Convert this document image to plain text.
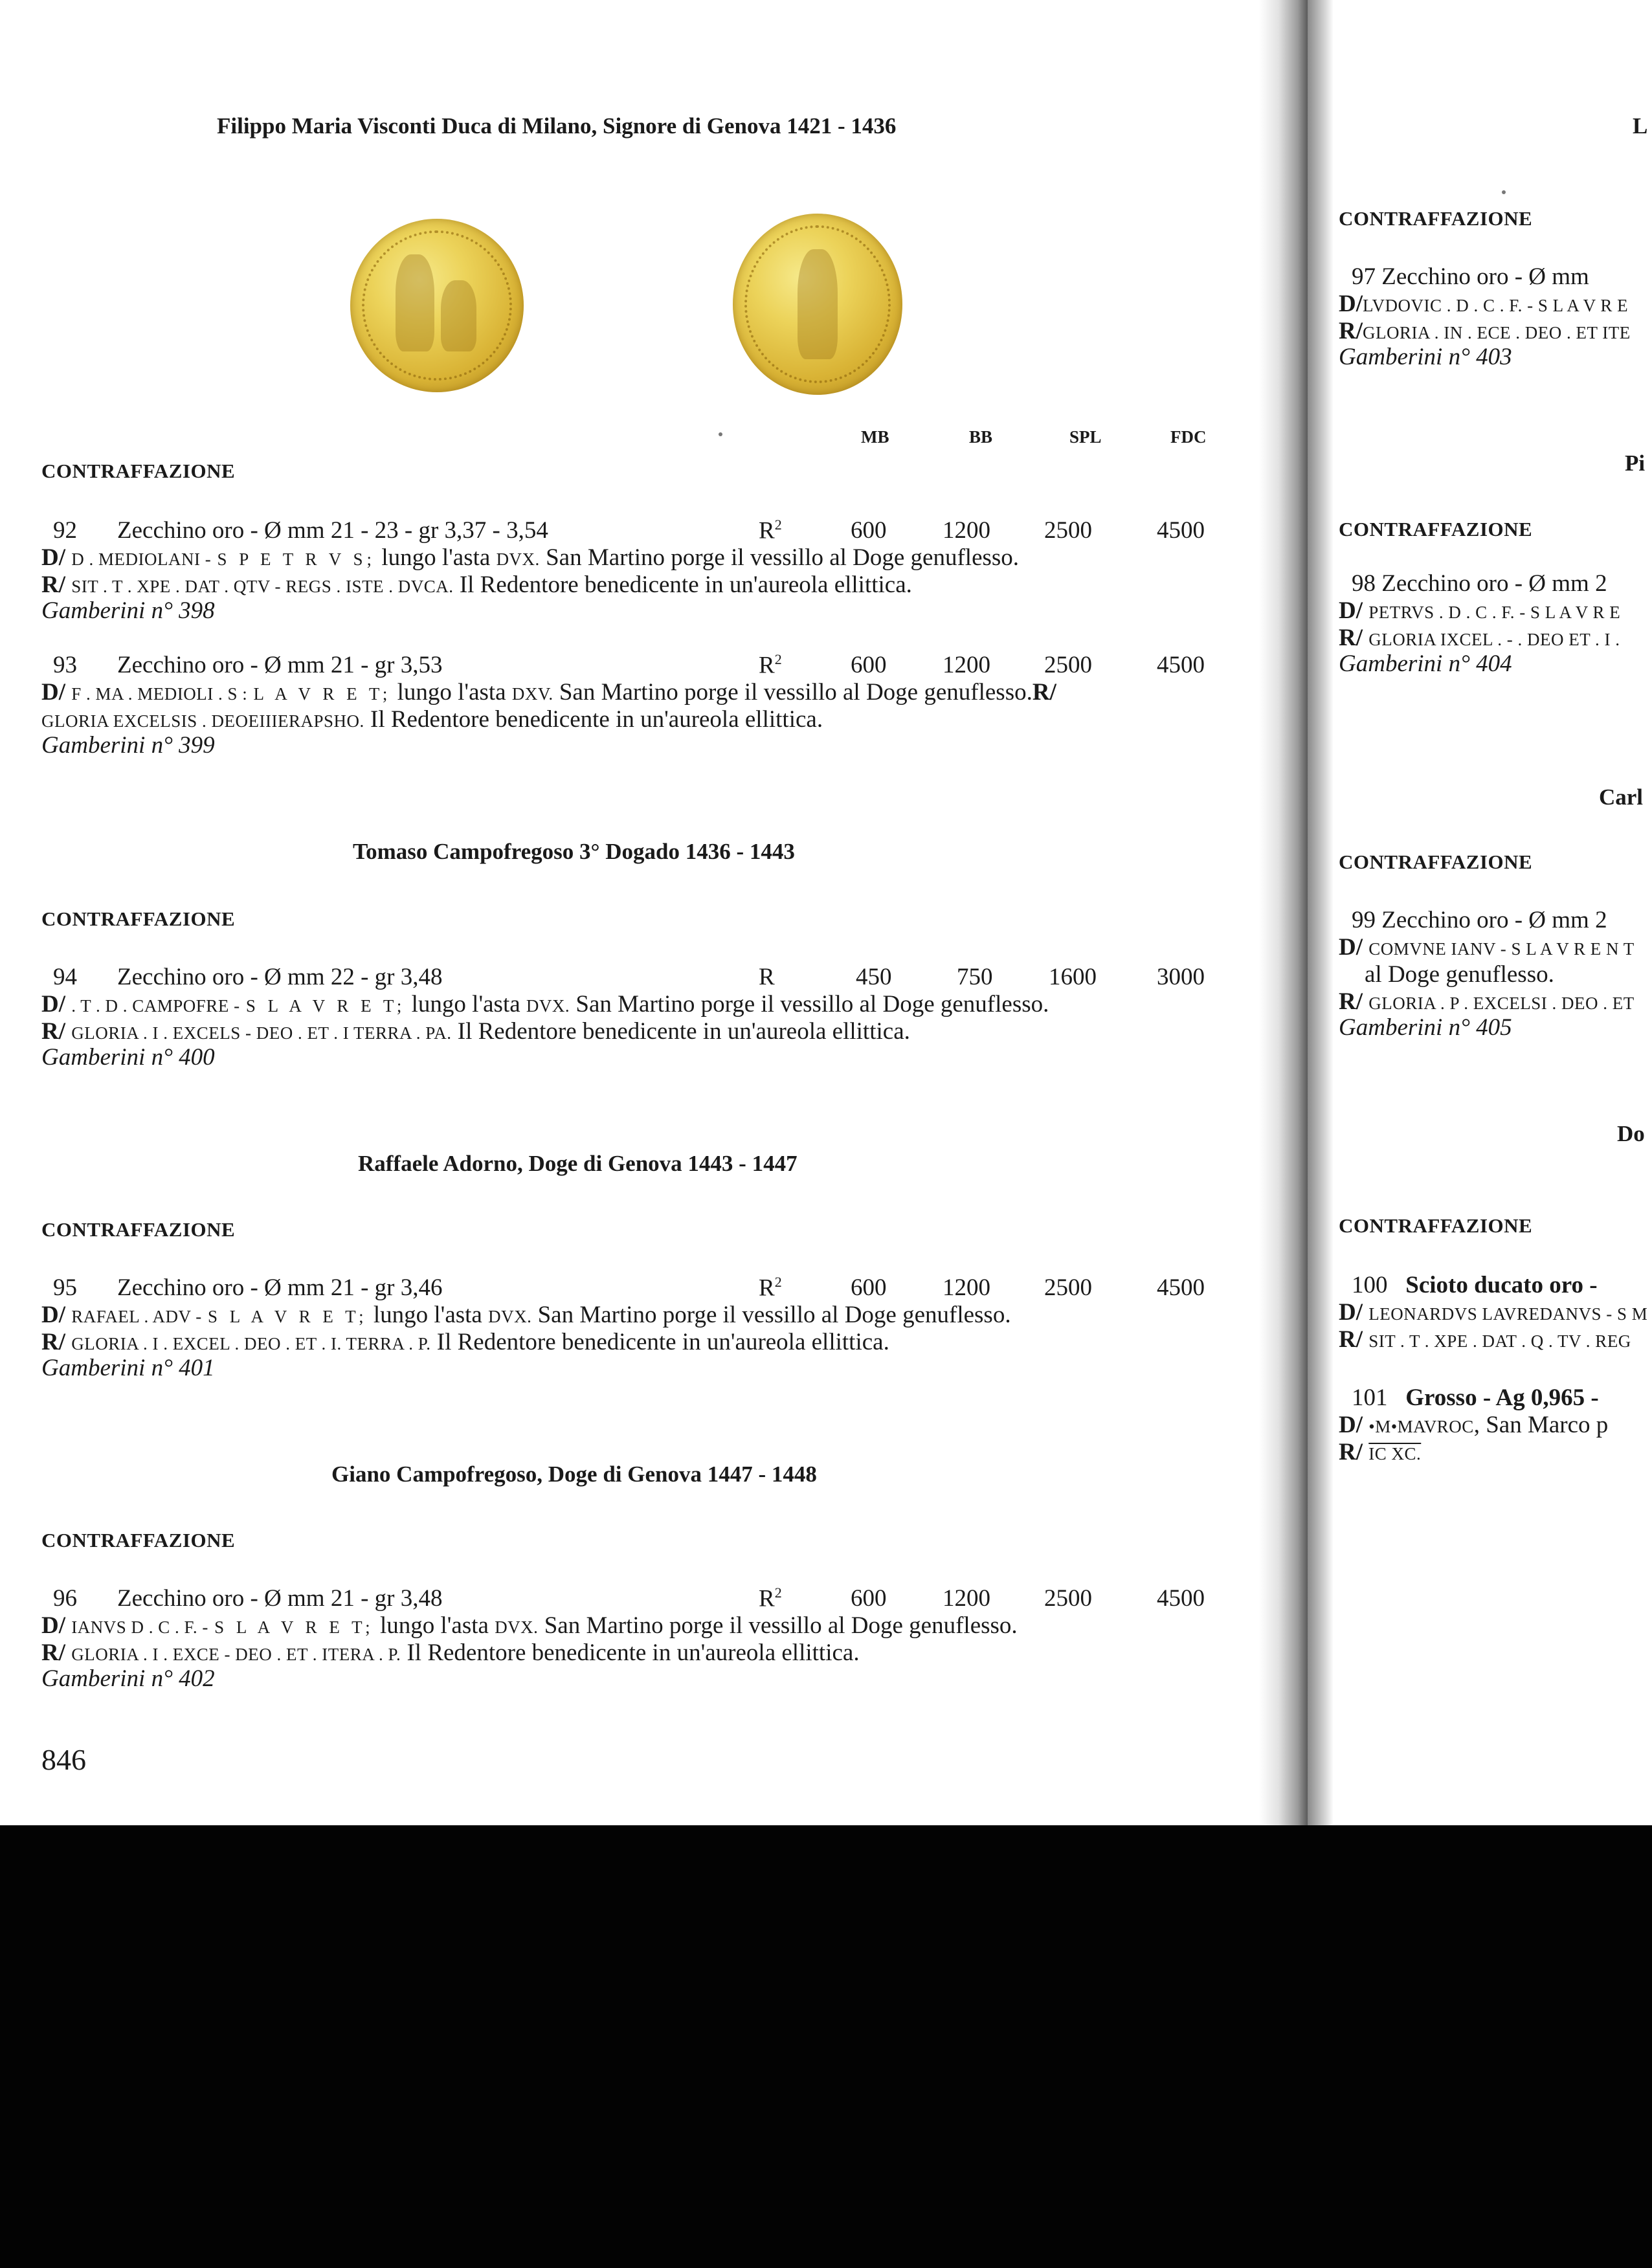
Filippo Maria Visconti Duca di Milano, Signore di Genova 1421 - 1436
MB	BB	SPL	FDC
CONTRAFFAZIONE
92 Zecchino oro - Ø mm 21 - 23 - gr 3,37 - 3,54	$R^2$	600 1200 2500	4500
D/ D . MEDIOLANI - S P E T R V S; lungo l'asta DVX. San Martino porge il vessillo al Doge genuflesso.
R/ SIT . T . XPE . DAT . QTV - REGS . ISTE . DVCA. Il Redentore benedicente in un'aureola ellittica.
Gamberini n° 398
93 Zecchino oro - Ø mm 21 - gr 3,53	$R^2$	600 1200 2500	4500
D/ F . MA . MEDIOLI . S : L A V R E T; lungo l'asta DXV. San Martino porge il vessillo al Doge genuflesso.R/
GLORIA EXCELSIS . DEOEIIIERAPSHO. Il Redentore benedicente in un'aureola ellittica.
Gamberini n° 399
Tomaso Campofregoso 3° Dogado 1436 - 1443
CONTRAFFAZIONE
94 Zecchino oro - Ø mm 22 - gr 3,48	R	450	750 1600	3000
D/ . T . D . CAMPOFRE - S L A V R E T; lungo l'asta DVX. San Martino porge il vessillo al Doge genuflesso.
R/ GLORIA . I . EXCELS - DEO . ET . I TERRA . PA. Il Redentore benedicente in un'aureola ellittica.
Gamberini n° 400
Raffaele Adorno, Doge di Genova 1443 - 1447
CONTRAFFAZIONE
95 Zecchino oro - Ø mm 21 - gr 3,46	$R^2$	600 1200 2500	4500
D/ RAFAEL . ADV - S L A V R E T; lungo l'asta DVX. San Martino porge il vessillo al Doge genuflesso.
R/ GLORIA . I . EXCEL . DEO . ET . I. TERRA . P. Il Redentore benedicente in un'aureola ellittica.
Gamberini n° 401
Giano Campofregoso, Doge di Genova 1447 - 1448
CONTRAFFAZIONE
96 Zecchino oro - Ø mm 21 - gr 3,48	$R^2$	600 1200 2500	4500
D/ IANVS D . C . F. - S L A V R E T; lungo l'asta DVX. San Martino porge il vessillo al Doge genuflesso.
R/ GLORIA . I . EXCE - DEO . ET . ITERA . P. Il Redentore benedicente in un'aureola ellittica.
Gamberini n° 402
846
L
CONTRAFFAZIONE
97 Zecchino oro - Ø mm
D/LVDOVIC . D . C . F. - S L A V R E
R/GLORIA . IN . ECE . DEO . ET ITE
Gamberini n° 403
Pi
CONTRAFFAZIONE
98 Zecchino oro - Ø mm 2
D/ PETRVS . D . C . F. - S L A V R E
R/ GLORIA IXCEL . - . DEO ET . I .
Gamberini n° 404
Carl
CONTRAFFAZIONE
99 Zecchino oro - Ø mm 2
D/ COMVNE IANV - S L A V R E N T
al Doge genuflesso.
R/ GLORIA . P . EXCELSI . DEO . ET
Gamberini n° 405
Do
CONTRAFFAZIONE
100 Scioto ducato oro -
D/ LEONARDVS LAVREDANVS - S M
R/ SIT . T . XPE . DAT . Q . TV . REG
101 Grosso - Ag 0,965 -
D/ •M•MAVROC, San Marco p
R/ IC XC.
